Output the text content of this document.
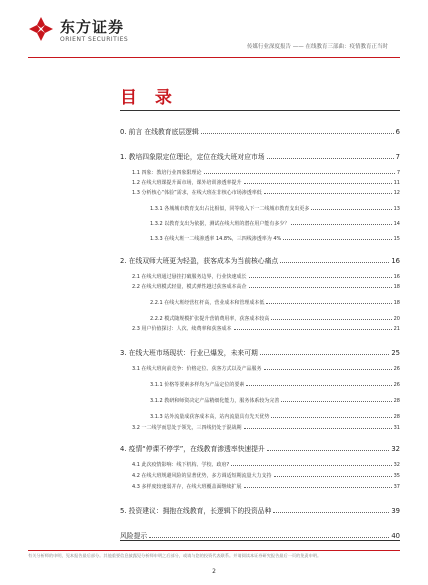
东方证券
ORIENT SECURITIES
传媒行业深度报告 —— 在线教育三部曲：疫情教育正当时
目 录
0. 前言 在线教育底层逻辑	6
1. 教培四象限定位理论，定位在线大班对应市场	7
1.1 四象：教培行业四象限理论	7
1.2 在线大班课提升面市场，课外培训渗透率提升	11
1.3 分析核心“体验”需求，在线大班在非核心市场渗透率低	12
1.3.1 各城城市教育支出占比相似，同等收入下一二线城市教育支出更多	13
1.3.2 以教育支出为依据，测试在线大班的潜在用户能有多少？	14
1.3.3 在线大班一二线渗透率 14.8%，三四线渗透率为 4%	15
2. 在线双师大班更为轻盈，获客成本为当前核心痛点	16
2.1 在线大班通过悬挂打破服务边界，行业快速成长	16
2.2 在线大班模式轻量，模式弹性越过获客成本高企	18
2.2.1 在线大班经营杠杆高，营业成本和管理成本低	18
2.2.2 模式随规模扩张提升营销费用率，获客成本较高	20
2.3 用户价值探讨：人次、续费率和获客成本	21
3. 在线大班市场现状：行业已爆发，未来可期	25
3.1 在线大班向前竞争：价格定位、获客方式以及产品服务	26
3.1.1 价格等要素多样均为产品定位的要素	26
3.1.2 教研和师资决定产品精细化能力，服务体系较为完善	28
3.1.3 站外流量成获客成本高，站内流量具有先天优势	28
3.2 一二线学而思处于领先，三四线仍处于混战期	31
4. 疫情“停课不停学”，在线教育渗透率快速提升	32
4.1 此次疫情影响：线下机构、学校、政府?	32
4.2 在线大班规避风险的显著优势，多方调适短期流量大力支持	35
4.3 多样度较速弱并存，在线大班覆盖面继续扩展	37
5. 投资建议：拥抱在线教育，长逻辑下的投资品种	39
风险提示	40
有关分析师的申明，见本报告最后部分。其他重要信息披露见分析师申明之后部分，或请与您的投资代表联系。并请阅读本证券研究报告最后一页的免责申明。
2
